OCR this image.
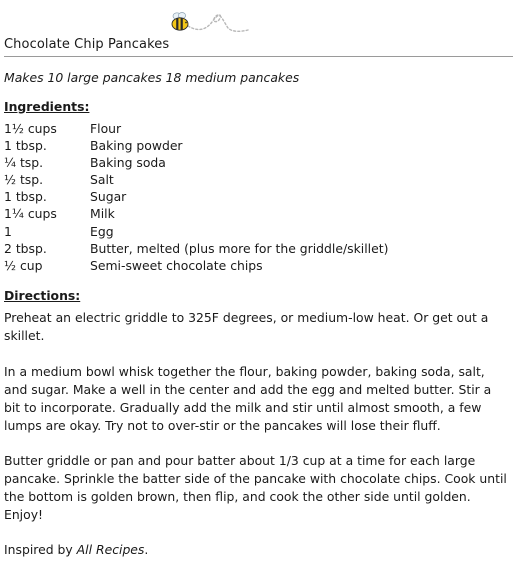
Chocolate Chip Pancakes
Makes 10 large pancakes 18 medium pancakes
Ingredients:
1½ cups	Flour
1 tbsp.	Baking powder
¼ tsp.	Baking soda
½ tsp.	Salt
1 tbsp.	Sugar
1¼ cups	Milk
1	Egg
2 tbsp.	Butter, melted (plus more for the griddle/skillet)
½ cup	Semi-sweet chocolate chips
Directions:
Preheat an electric griddle to 325F degrees, or medium-low heat. Or get out a skillet.
In a medium bowl whisk together the flour, baking powder, baking soda, salt, and sugar. Make a well in the center and add the egg and melted butter. Stir a bit to incorporate. Gradually add the milk and stir until almost smooth, a few lumps are okay. Try not to over-stir or the pancakes will lose their fluff.
Butter griddle or pan and pour batter about 1/3 cup at a time for each large pancake. Sprinkle the batter side of the pancake with chocolate chips. Cook until the bottom is golden brown, then flip, and cook the other side until golden. Enjoy!
Inspired by All Recipes.
